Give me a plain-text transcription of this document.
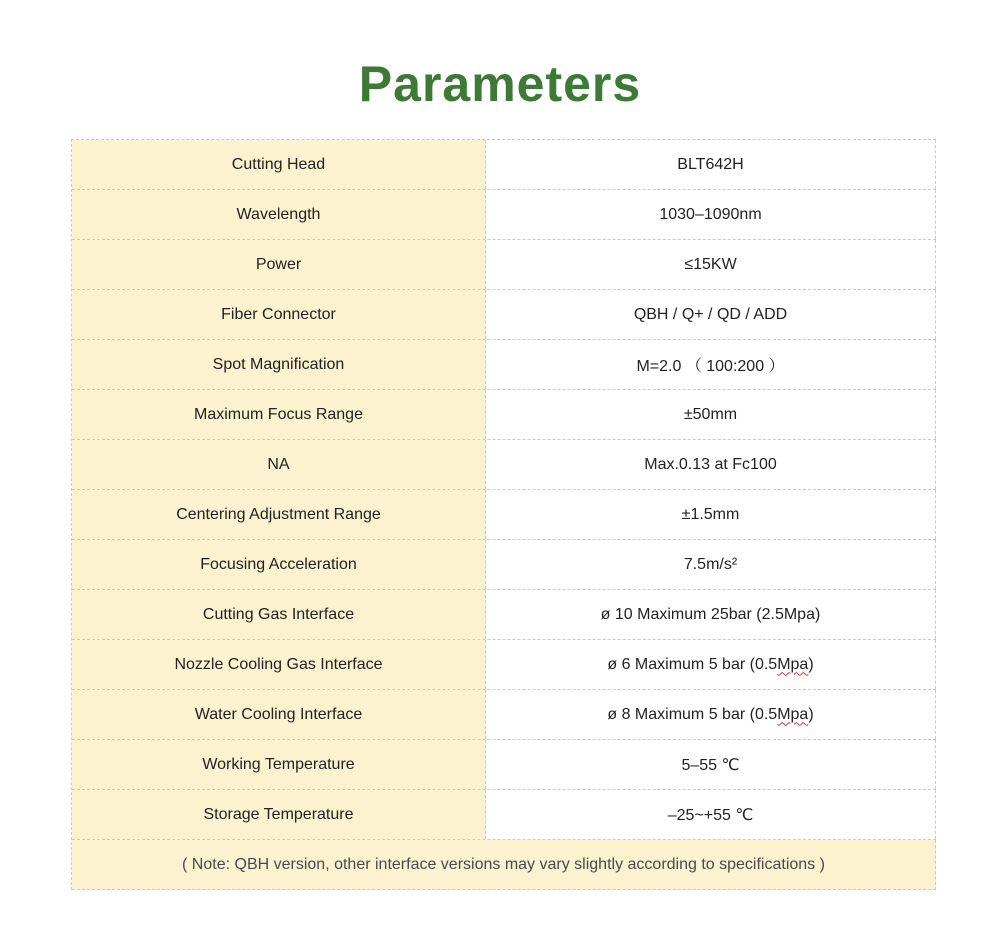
Parameters
Cutting Head	BLT642H
Wavelength	1030–1090nm
Power	≤15KW
Fiber Connector	QBH / Q+ / QD / ADD
Spot Magnification	M=2.0 （ 100:200 ）
Maximum Focus Range	±50mm
NA	Max.0.13 at Fc100
Centering Adjustment Range	±1.5mm
Focusing Acceleration	7.5m/s²
Cutting Gas Interface	ø 10 Maximum 25bar (2.5Mpa)
Nozzle Cooling Gas Interface	ø 6 Maximum 5 bar (0.5 Mpa )
Water Cooling Interface	ø 8 Maximum 5 bar (0.5 Mpa )
Working Temperature	5–55 ℃
Storage Temperature	–25~+55 ℃
( Note: QBH version, other interface versions may vary slightly according to specifications )
